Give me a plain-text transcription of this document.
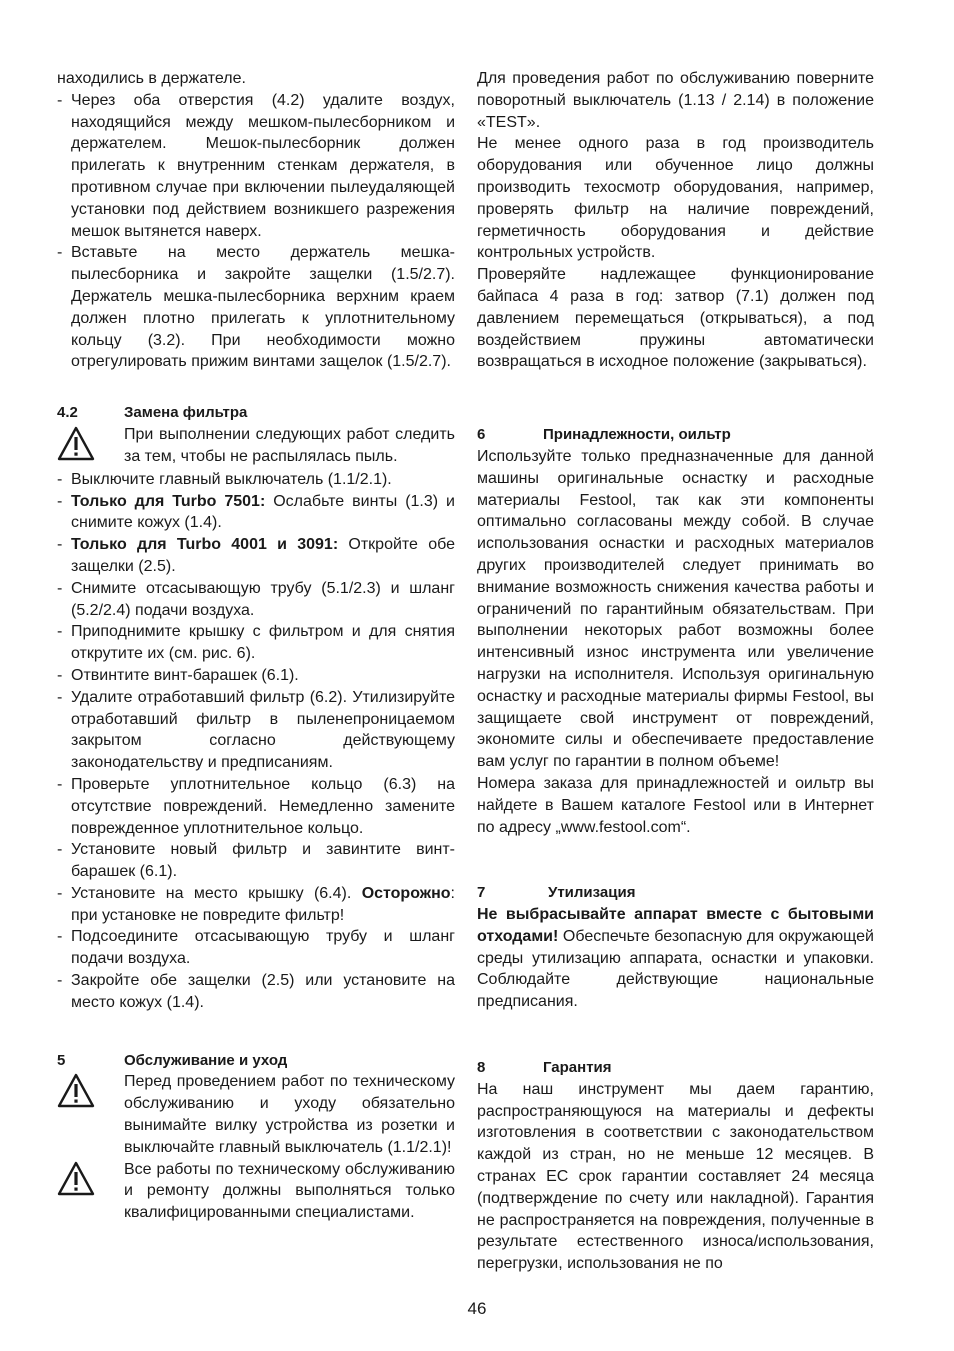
находились в держателе.

- Через оба отверстия (4.2) удалите воздух, находящийся между мешком-пылесборником и держателем. Мешок-пылесборник должен прилегать к внутренним стенкам держателя, в противном случае при включении пылеудаляющей установки под действием возникшего разрежения мешок вытянется наверх.
- Вставьте на место держатель мешка-пылесборника и закройте защелки (1.5/2.7). Держатель мешка-пылесборника верхним краем должен плотно прилегать к уплотнительному кольцу (3.2). При необходимости можно отрегулировать прижим винтами защелок (1.5/2.7).
4.2	Замена фильтра
При выполнении следующих работ следить за тем, чтобы не распылялась пыль.
- Выключите главный выключатель (1.1/2.1).
- Только для Turbo 7501: Ослабьте винты (1.3) и снимите кожух (1.4).
- Только для Turbo 4001 и 3091: Откройте обе защелки (2.5).
- Снимите отсасывающую трубу (5.1/2.3) и шланг (5.2/2.4) подачи воздуха.
- Приподнимите крышку с фильтром и для снятия открутите их (см. рис. 6).
- Отвинтите винт-барашек (6.1).
- Удалите отработавший фильтр (6.2). Утилизируйте отработавший фильтр в пыленепроницаемом закрытом согласно действующему законодательству и предписаниям.
- Проверьте уплотнительное кольцо (6.3) на отсутствие повреждений. Немедленно замените поврежденное уплотнительное кольцо.
- Установите новый фильтр и завинтите винт-барашек (6.1).
- Установите на место крышку (6.4). Осторожно: при установке не повредите фильтр!
- Подсоедините отсасывающую трубу и шланг подачи воздуха.
- Закройте обе защелки (2.5) или установите на место кожух (1.4).
5	Обслуживание и уход
Перед проведением работ по техническому обслуживанию и уходу обязательно вынимайте вилку устройства из розетки и выключайте главный выключатель (1.1/2.1)!
Все работы по техническому обслуживанию и ремонту должны выполняться только квалифицированными специалистами.

Для проведения работ по обслуживанию поверните поворотный выключатель (1.13 / 2.14) в положение «TEST».

Не менее одного раза в год производитель оборудования или обученное лицо должны производить техосмотр оборудования, например, проверять фильтр на наличие повреждений, герметичность оборудования и действие контрольных устройств.

Проверяйте надлежащее функционирование байпаса 4 раза в год: затвор (7.1) должен под давлением перемещаться (открываться), а под воздействием пружины автоматически возвращаться в исходное положение (закрываться).

6	Принадлежности, оильтр

Используйте только предназначенные для данной машины оригинальные оснастку и расходные материалы Festool, так как эти компоненты оптимально согласованы между собой. В случае использования оснастки и расходных материалов других производителей следует принимать во внимание возможность снижения качества работы и ограничений по гарантийным обязательствам. При выполнении некоторых работ возможны более интенсивный износ инструмента или увеличение нагрузки на исполнителя. Используя оригинальную оснастку и расходные материалы фирмы Festool, вы защищаете свой инструмент от повреждений, экономите силы и обеспечиваете предоставление вам услуг по гарантии в полном объеме!

Номера заказа для принадлежностей и оильтр вы найдете в Вашем каталоге Festool или в Интернет по адресу „www.festool.com“.

7	Утилизация

Не выбрасывайте аппарат вместе с бытовыми отходами! Обеспечьте безопасную для окружающей среды утилизацию аппарата, оснастки и упаковки. Соблюдайте действующие национальные предписания.

8	Гарантия

На наш инструмент мы даем гарантию, распространяющуюся на материалы и дефекты изготовления в соответствии с законодательством каждой из стран, но не меньше 12 месяцев. В странах ЕС срок гарантии составляет 24 месяца (подтверждение по счету или накладной). Гарантия не распространяется на повреждения, полученные в результате естественного износа/использования, перегрузки, использования не по

46
